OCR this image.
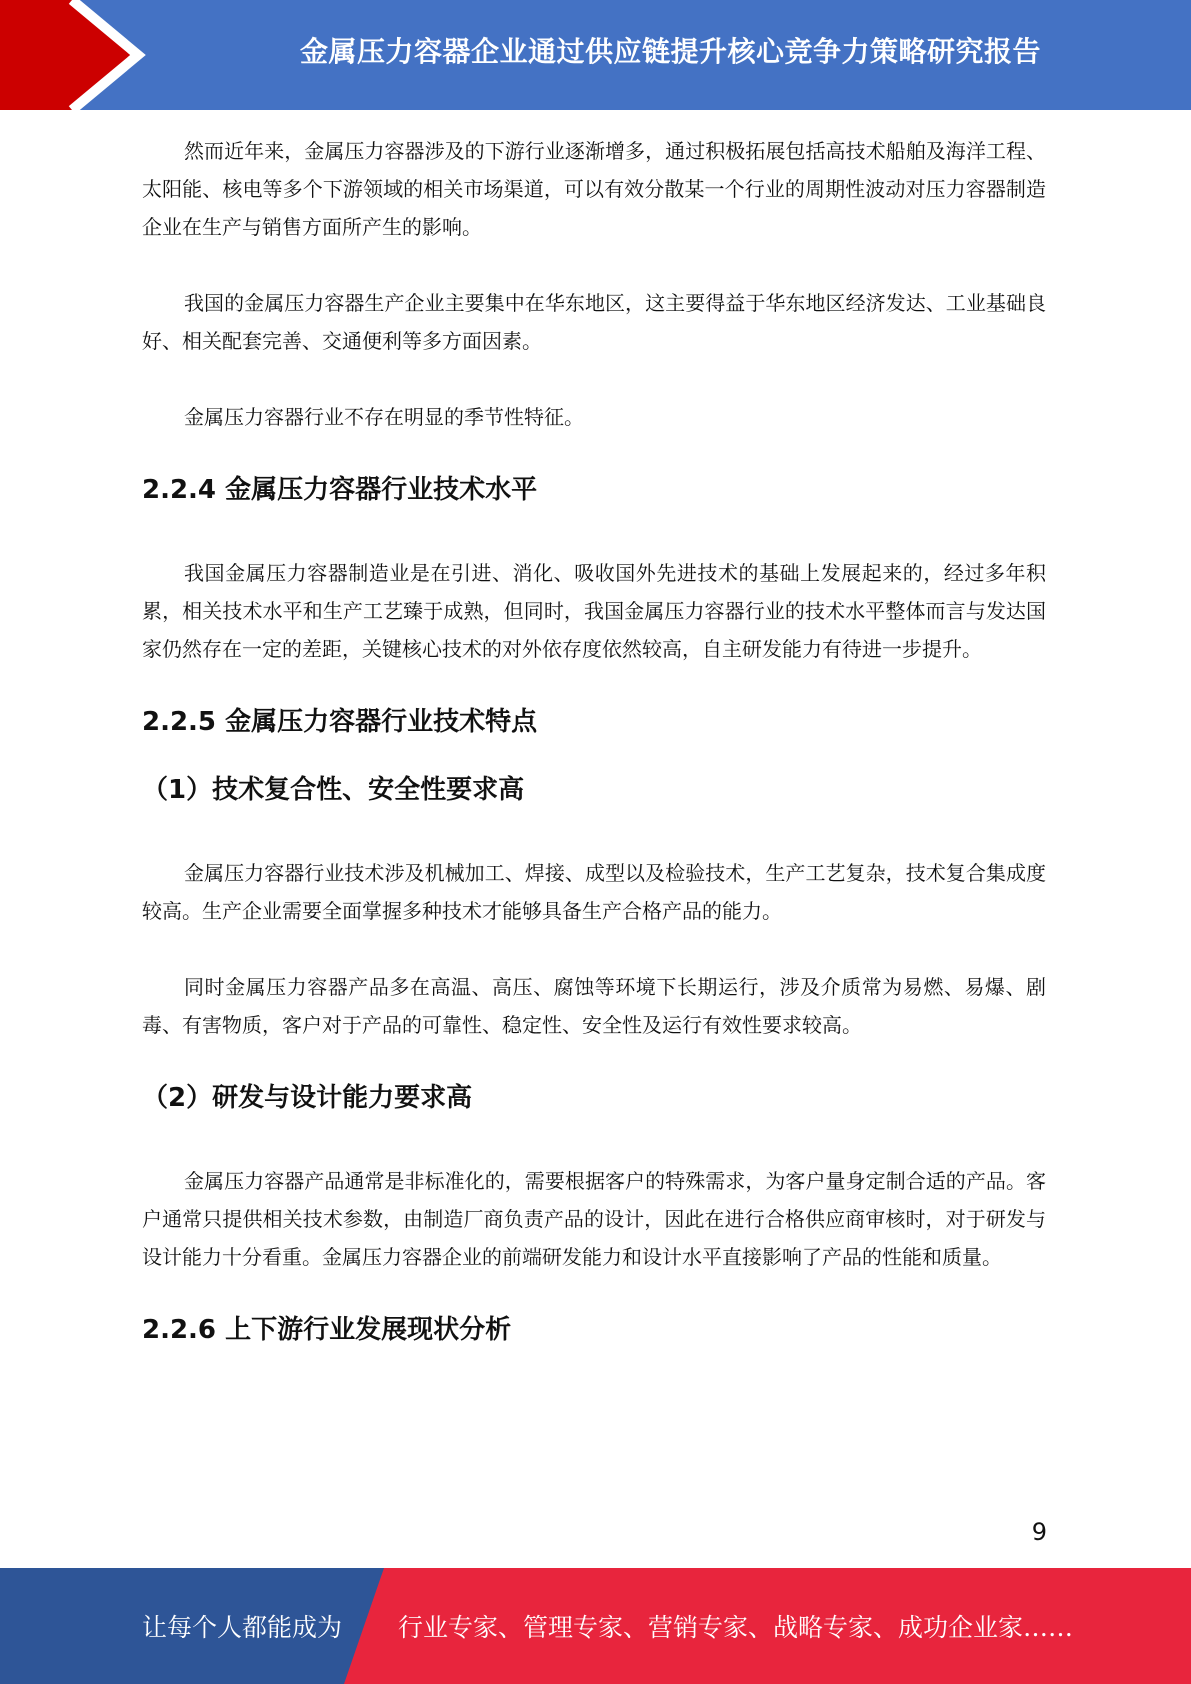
金属压力容器企业通过供应链提升核心竞争力策略研究报告

然而近年来，金属压力容器涉及的下游行业逐渐增多，通过积极拓展包括高技术船舶及海洋工程、太阳能、核电等多个下游领域的相关市场渠道，可以有效分散某一个行业的周期性波动对压力容器制造企业在生产与销售方面所产生的影响。

我国的金属压力容器生产企业主要集中在华东地区，这主要得益于华东地区经济发达、工业基础良好、相关配套完善、交通便利等多方面因素。

金属压力容器行业不存在明显的季节性特征。

2.2.4 金属压力容器行业技术水平

我国金属压力容器制造业是在引进、消化、吸收国外先进技术的基础上发展起来的，经过多年积累，相关技术水平和生产工艺臻于成熟，但同时，我国金属压力容器行业的技术水平整体而言与发达国家仍然存在一定的差距，关键核心技术的对外依存度依然较高，自主研发能力有待进一步提升。

2.2.5 金属压力容器行业技术特点
（1）技术复合性、安全性要求高

金属压力容器行业技术涉及机械加工、焊接、成型以及检验技术，生产工艺复杂，技术复合集成度较高。生产企业需要全面掌握多种技术才能够具备生产合格产品的能力。

同时金属压力容器产品多在高温、高压、腐蚀等环境下长期运行，涉及介质常为易燃、易爆、剧毒、有害物质，客户对于产品的可靠性、稳定性、安全性及运行有效性要求较高。

（2）研发与设计能力要求高

金属压力容器产品通常是非标准化的，需要根据客户的特殊需求，为客户量身定制合适的产品。客户通常只提供相关技术参数，由制造厂商负责产品的设计，因此在进行合格供应商审核时，对于研发与设计能力十分看重。金属压力容器企业的前端研发能力和设计水平直接影响了产品的性能和质量。

2.2.6 上下游行业发展现状分析
9
让每个人都能成为 行业专家、管理专家、营销专家、战略专家、成功企业家……
